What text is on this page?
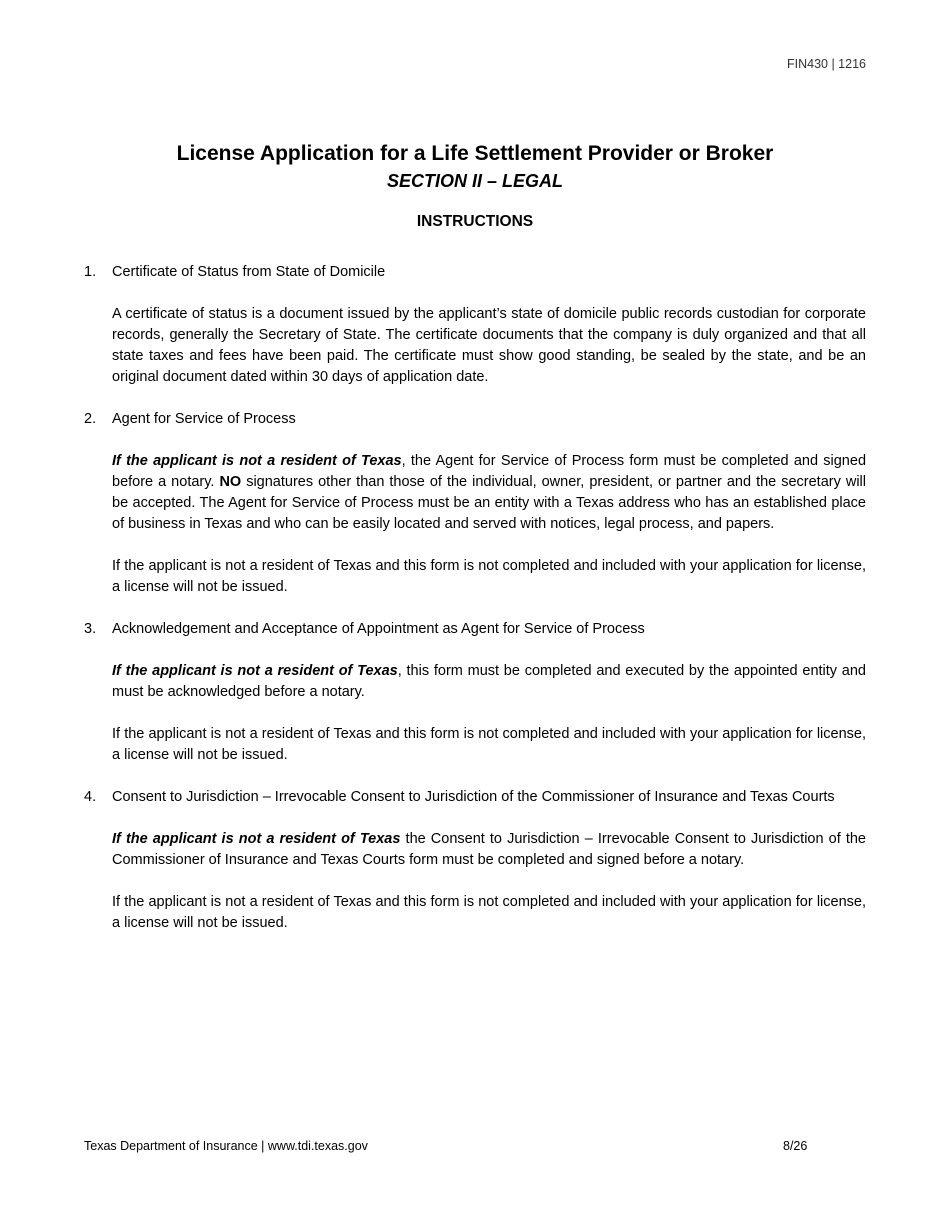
FIN430 | 1216
License Application for a Life Settlement Provider or Broker
SECTION II – LEGAL
INSTRUCTIONS
1. Certificate of Status from State of Domicile
A certificate of status is a document issued by the applicant’s state of domicile public records custodian for corporate records, generally the Secretary of State. The certificate documents that the company is duly organized and that all state taxes and fees have been paid. The certificate must show good standing, be sealed by the state, and be an original document dated within 30 days of application date.
2. Agent for Service of Process
If the applicant is not a resident of Texas, the Agent for Service of Process form must be completed and signed before a notary. NO signatures other than those of the individual, owner, president, or partner and the secretary will be accepted. The Agent for Service of Process must be an entity with a Texas address who has an established place of business in Texas and who can be easily located and served with notices, legal process, and papers.
If the applicant is not a resident of Texas and this form is not completed and included with your application for license, a license will not be issued.
3. Acknowledgement and Acceptance of Appointment as Agent for Service of Process
If the applicant is not a resident of Texas, this form must be completed and executed by the appointed entity and must be acknowledged before a notary.
If the applicant is not a resident of Texas and this form is not completed and included with your application for license, a license will not be issued.
4. Consent to Jurisdiction – Irrevocable Consent to Jurisdiction of the Commissioner of Insurance and Texas Courts
If the applicant is not a resident of Texas the Consent to Jurisdiction – Irrevocable Consent to Jurisdiction of the Commissioner of Insurance and Texas Courts form must be completed and signed before a notary.
If the applicant is not a resident of Texas and this form is not completed and included with your application for license, a license will not be issued.
Texas Department of Insurance | www.tdi.texas.gov	8/26
